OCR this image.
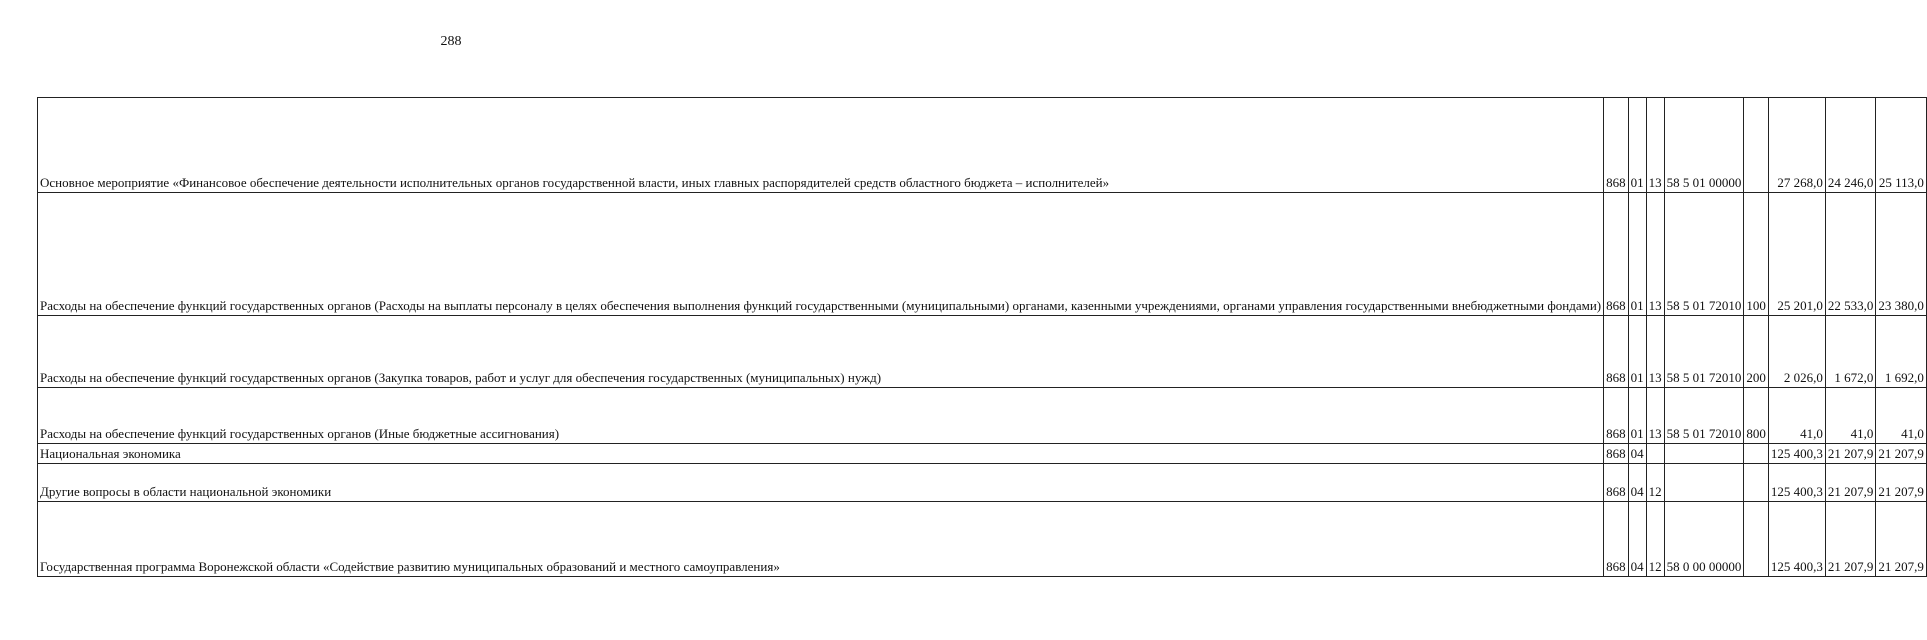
288
Основное мероприятие «Финансовое обеспечение деятельности исполнительных органов государственной власти, иных главных распорядителей средств областного бюджета – исполнителей»	868	01	13	58 5 01 00000		27 268,0	24 246,0	25 113,0
Расходы на обеспечение функций государственных органов (Расходы на выплаты персоналу в целях обеспечения выполнения функций государственными (муниципальными) органами, казенными учреждениями, органами управления государственными внебюджетными фондами)	868	01	13	58 5 01 72010	100	25 201,0	22 533,0	23 380,0
Расходы на обеспечение функций государственных органов (Закупка товаров, работ и услуг для обеспечения государственных (муниципальных) нужд)	868	01	13	58 5 01 72010	200	2 026,0	1 672,0	1 692,0
Расходы на обеспечение функций государственных органов (Иные бюджетные ассигнования)	868	01	13	58 5 01 72010	800	41,0	41,0	41,0
Национальная экономика	868	04				125 400,3	21 207,9	21 207,9
Другие вопросы в области национальной экономики	868	04	12			125 400,3	21 207,9	21 207,9
Государственная программа Воронежской области «Содействие развитию муниципальных образований и местного самоуправления»	868	04	12	58 0 00 00000		125 400,3	21 207,9	21 207,9
